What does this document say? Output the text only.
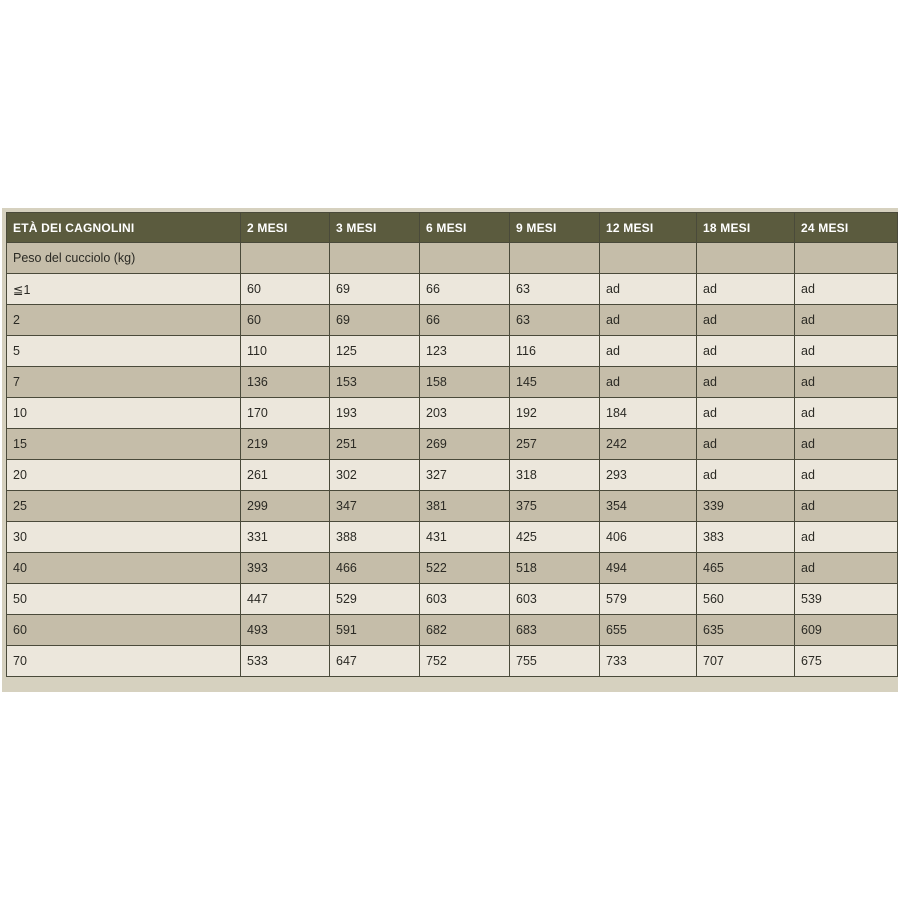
ETÀ DEI CAGNOLINI	2 MESI	3 MESI	6 MESI	9 MESI	12 MESI	18 MESI	24 MESI
Peso del cucciolo (kg)							
≦1	60	69	66	63	ad	ad	ad
2	60	69	66	63	ad	ad	ad
5	110	125	123	116	ad	ad	ad
7	136	153	158	145	ad	ad	ad
10	170	193	203	192	184	ad	ad
15	219	251	269	257	242	ad	ad
20	261	302	327	318	293	ad	ad
25	299	347	381	375	354	339	ad
30	331	388	431	425	406	383	ad
40	393	466	522	518	494	465	ad
50	447	529	603	603	579	560	539
60	493	591	682	683	655	635	609
70	533	647	752	755	733	707	675
